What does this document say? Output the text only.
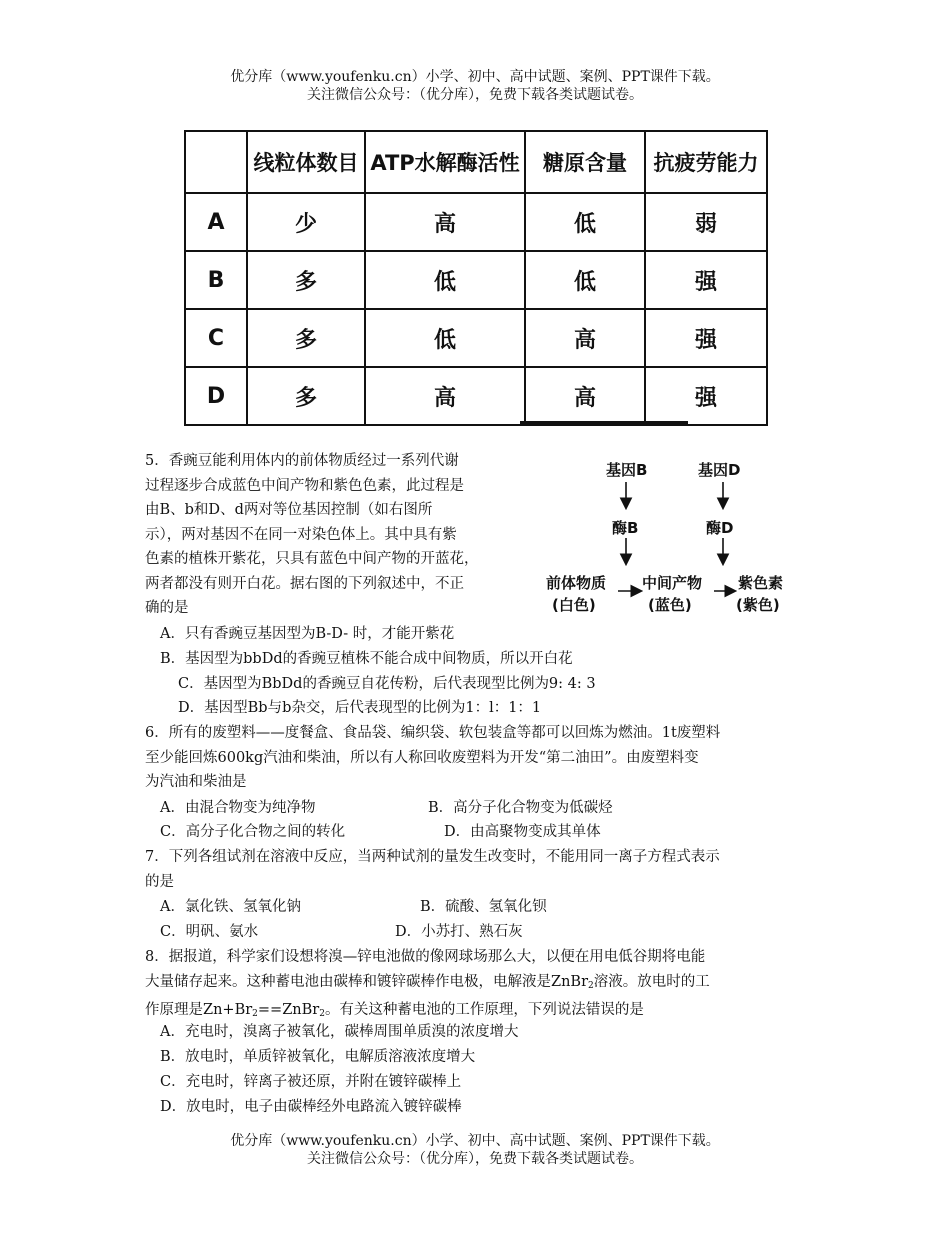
优分库（www.youfenku.cn）小学、初中、高中试题、案例、PPT课件下载。
关注微信公众号：（优分库），免费下载各类试题试卷。
	线粒体数目	ATP水解酶活性	糖原含量	抗疲劳能力
A	少	高	低	弱
B	多	低	低	强
C	多	低	高	强
D	多	高	高	强
5．香豌豆能利用体内的前体物质经过一系列代谢
过程逐步合成蓝色中间产物和紫色色素，此过程是
由B、b和D、d两对等位基因控制（如右图所
示），两对基因不在同一对染色体上。其中具有紫
色素的植株开紫花，只具有蓝色中间产物的开蓝花，
两者都没有则开白花。据右图的下列叙述中，不正
确的是
基因B	基因D
酶B	酶D
前体物质
(白色)
中间产物
(蓝色)
紫色素
(紫色)
A．只有香豌豆基因型为B-D- 时，才能开紫花
B．基因型为bbDd的香豌豆植株不能合成中间物质，所以开白花
C．基因型为BbDd的香豌豆自花传粉，后代表现型比例为9: 4: 3
D．基因型Bb与b杂交，后代表现型的比例为1：l：1：1
6．所有的废塑料——度餐盒、食品袋、编织袋、软包装盒等都可以回炼为燃油。1t废塑料
至少能回炼600kg汽油和柴油，所以有人称回收废塑料为开发“第二油田”。由废塑料变
为汽油和柴油是
A．由混合物变为纯净物	B．高分子化合物变为低碳烃
C．高分子化合物之间的转化	D．由高聚物变成其单体
7．下列各组试剂在溶液中反应，当两种试剂的量发生改变时，不能用同一离子方程式表示
的是
A．氯化铁、氢氧化钠	B．硫酸、氢氧化钡
C．明矾、氨水	D．小苏打、熟石灰
8．据报道，科学家们设想将溴—锌电池做的像网球场那么大，以便在用电低谷期将电能
大量储存起来。这种蓄电池由碳棒和镀锌碳棒作电极，电解液是ZnBr$_2$溶液。放电时的工
作原理是$Zn+Br_2==ZnBr_2$。有关这种蓄电池的工作原理，下列说法错误的是
A．充电时，溴离子被氧化，碳棒周围单质溴的浓度增大
B．放电时，单质锌被氧化，电解质溶液浓度增大
C．充电时，锌离子被还原，并附在镀锌碳棒上
D．放电时，电子由碳棒经外电路流入镀锌碳棒
优分库（www.youfenku.cn）小学、初中、高中试题、案例、PPT课件下载。
关注微信公众号：（优分库），免费下载各类试题试卷。
